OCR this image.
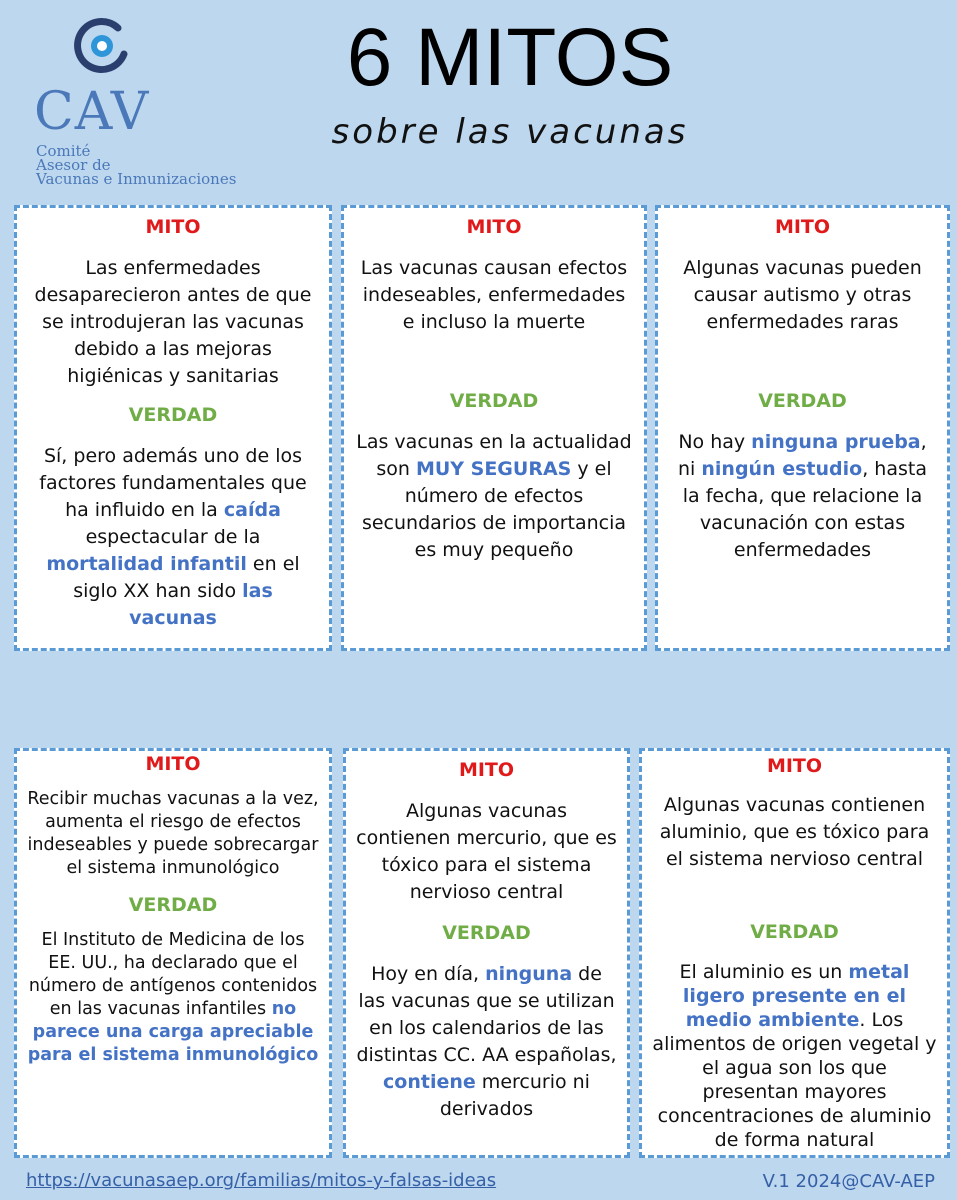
CAV
Comité
Asesor de
Vacunas e Inmunizaciones
6 MITOS
sobre las vacunas
MITO
Las enfermedades desaparecieron antes de que se introdujeran las vacunas debido a las mejoras higiénicas y sanitarias
VERDAD
Sí, pero además uno de los factores fundamentales que ha influido en la caída espectacular de la mortalidad infantil en el siglo XX han sido las vacunas
MITO
Las vacunas causan efectos indeseables, enfermedades e incluso la muerte
VERDAD
Las vacunas en la actualidad son MUY SEGURAS y el número de efectos secundarios de importancia es muy pequeño
MITO
Algunas vacunas pueden causar autismo y otras enfermedades raras
VERDAD
No hay ninguna prueba, ni ningún estudio, hasta la fecha, que relacione la vacunación con estas enfermedades
MITO
Recibir muchas vacunas a la vez, aumenta el riesgo de efectos indeseables y puede sobrecargar el sistema inmunológico
VERDAD
El Instituto de Medicina de los EE. UU., ha declarado que el número de antígenos contenidos en las vacunas infantiles no parece una carga apreciable para el sistema inmunológico
MITO
Algunas vacunas contienen mercurio, que es tóxico para el sistema nervioso central
VERDAD
Hoy en día, ninguna de las vacunas que se utilizan en los calendarios de las distintas CC. AA españolas, contiene mercurio ni derivados
MITO
Algunas vacunas contienen aluminio, que es tóxico para el sistema nervioso central
VERDAD
El aluminio es un metal ligero presente en el medio ambiente. Los alimentos de origen vegetal y el agua son los que presentan mayores concentraciones de aluminio de forma natural
https://vacunasaep.org/familias/mitos-y-falsas-ideas	V.1 2024@CAV-AEP
